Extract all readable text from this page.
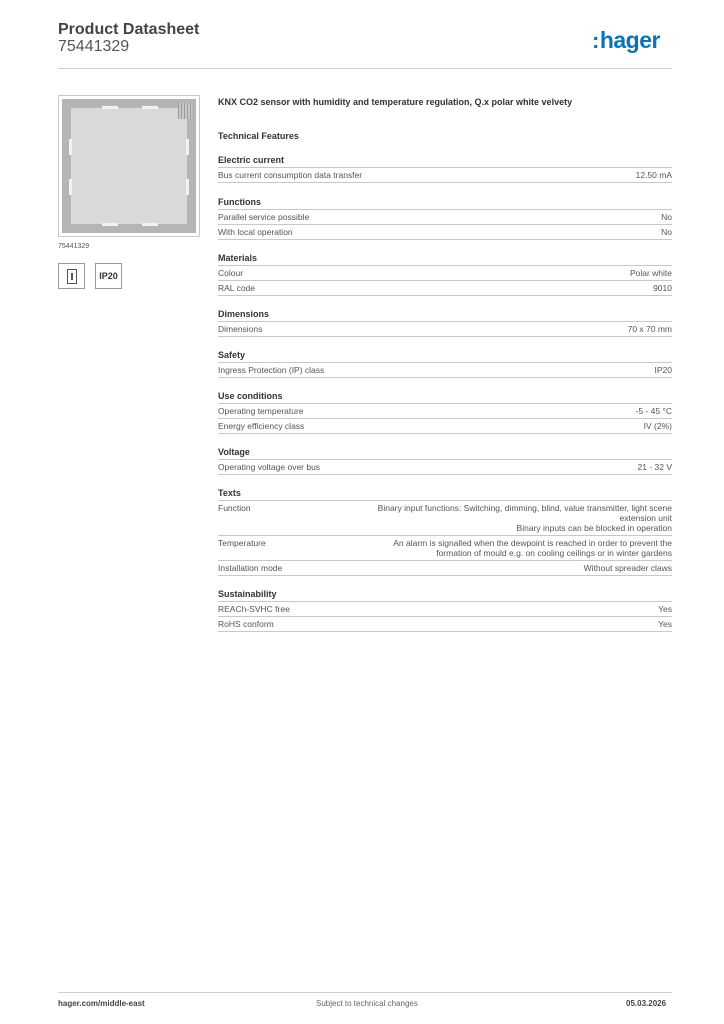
Product Datasheet
75441329	:hager
75441329
IP20
KNX CO2 sensor with humidity and temperature regulation, Q.x polar white velvety
Technical Features
Electric current
Bus current consumption data transfer	12.50 mA
Functions
Parallel service possible	No
With local operation	No
Materials
Colour	Polar white
RAL code	9010
Dimensions
Dimensions	70 x 70 mm
Safety
Ingress Protection (IP) class	IP20
Use conditions
Operating temperature	-5 - 45 °C
Energy efficiency class	IV (2%)
Voltage
Operating voltage over bus	21 - 32 V
Texts
Function	Binary input functions: Switching, dimming, blind, value transmitter, light scene extension unit
Binary inputs can be blocked in operation
Temperature	An alarm is signalled when the dewpoint is reached in order to prevent the formation of mould e.g. on cooling ceilings or in winter gardens
Installation mode	Without spreader claws
Sustainability
REACh-SVHC free	Yes
RoHS conform	Yes
hager.com/middle-east	Subject to technical changes	05.03.2026
